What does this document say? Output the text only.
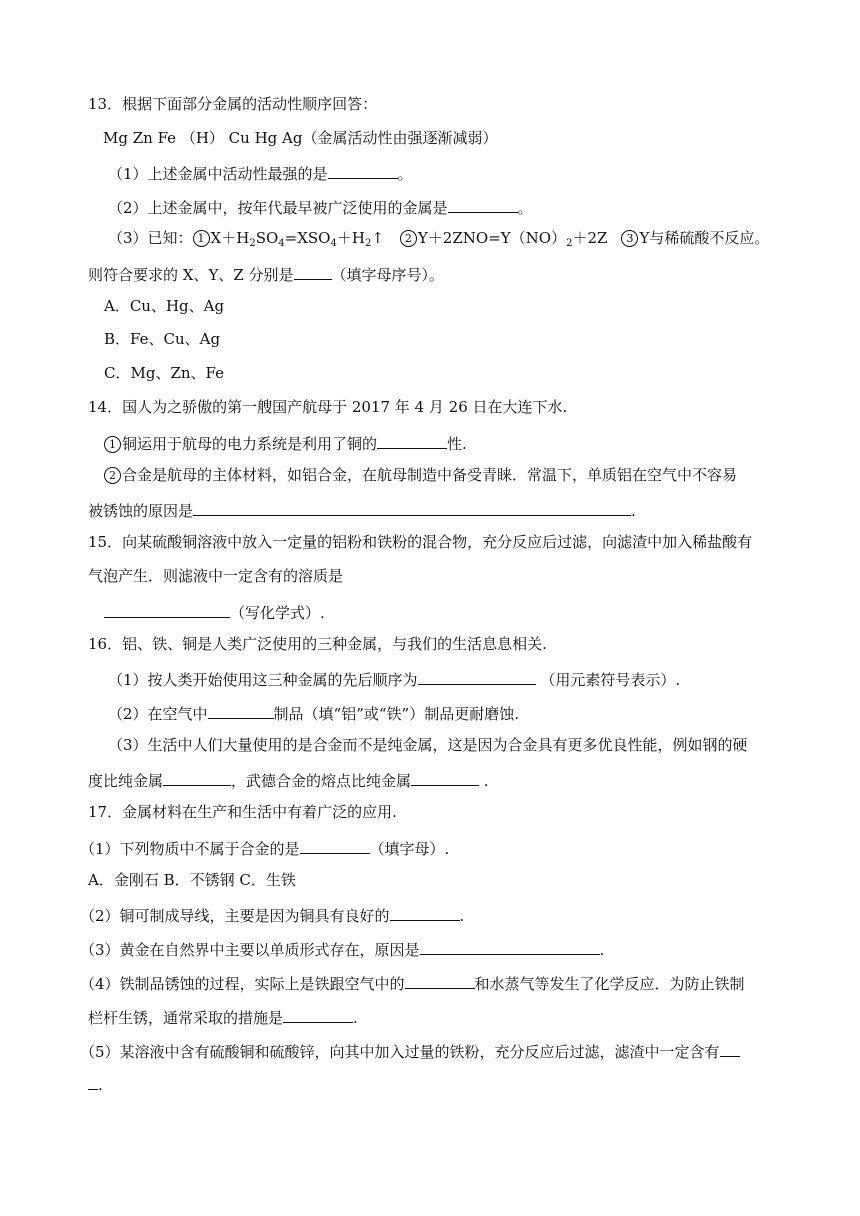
13．根据下面部分金属的活动性顺序回答：
Mg Zn Fe （H） Cu Hg Ag（金属活动性由强逐渐减弱）
（1）上述金属中活动性最强的是	。
（2）上述金属中，按年代最早被广泛使用的金属是	。
（3）已知： 1 $X+H_2SO_4=XSO_4+H_2↑$ 2 $Y+2ZNO=Y(NO)_2+2Z$ 3 Y与稀硫酸不反应。
则符合要求的 X、Y、Z 分别是	（填字母序号）。
A．Cu、Hg、Ag
B．Fe、Cu、Ag
C．Mg、Zn、Fe
14．国人为之骄傲的第一艘国产航母于 2017 年 4 月 26 日在大连下水.
1 铜运用于航母的电力系统是利用了铜的	性.
2 合金是航母的主体材料，如铝合金，在航母制造中备受青睐．常温下，单质铝在空气中不容易
被锈蚀的原因是	.
15．向某硫酸铜溶液中放入一定量的铝粉和铁粉的混合物，充分反应后过滤，向滤渣中加入稀盐酸有
气泡产生．则滤液中一定含有的溶质是
（写化学式）.
16．铝、铁、铜是人类广泛使用的三种金属，与我们的生活息息相关.
（1）按人类开始使用这三种金属的先后顺序为	（用元素符号表示）.
（2）在空气中	制品（填“铝”或“铁”）制品更耐磨蚀.
（3）生活中人们大量使用的是合金而不是纯金属，这是因为合金具有更多优良性能，例如钢的硬
度比纯金属	，武德合金的熔点比纯金属	.
17．金属材料在生产和生活中有着广泛的应用.
（1）下列物质中不属于合金的是	（填字母）.
A．金刚石 B．不锈钢 C．生铁
（2）铜可制成导线，主要是因为铜具有良好的	.
（3）黄金在自然界中主要以单质形式存在，原因是	.
（4）铁制品锈蚀的过程，实际上是铁跟空气中的	和水蒸气等发生了化学反应．为防止铁制
栏杆生锈，通常采取的措施是	.
（5）某溶液中含有硫酸铜和硫酸锌，向其中加入过量的铁粉，充分反应后过滤，滤渣中一定含有
.
